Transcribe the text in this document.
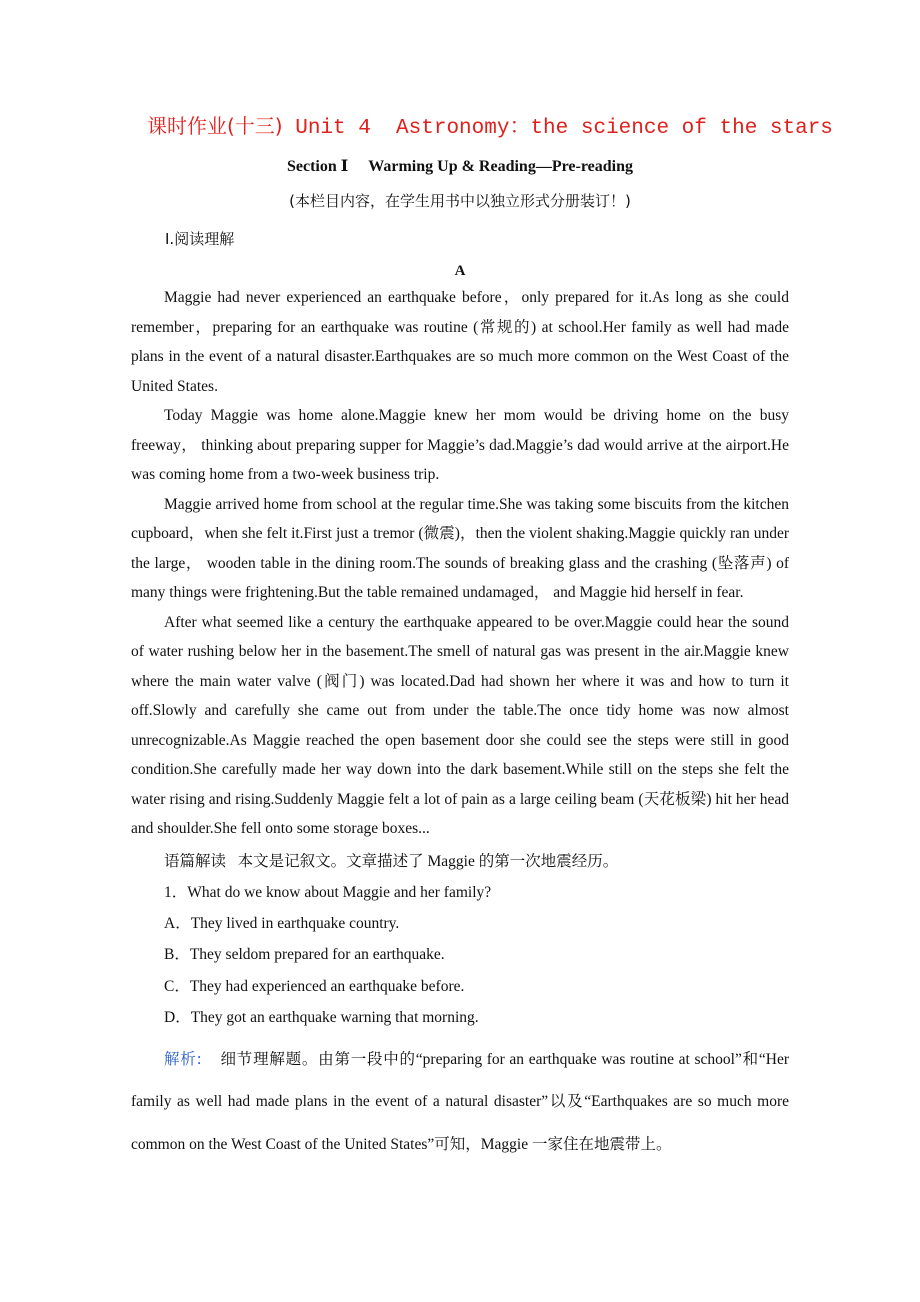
课时作业(十三) Unit 4  Astronomy：the science of the stars
Section Ⅰ Warming Up & Reading—Pre-reading
(本栏目内容，在学生用书中以独立形式分册装订！)
Ⅰ.阅读理解
A

Maggie had never experienced an earthquake before，only prepared for it.As long as she could remember，preparing for an earthquake was routine (常规的) at school.Her family as well had made plans in the event of a natural disaster.Earthquakes are so much more common on the West Coast of the United States.

Today Maggie was home alone.Maggie knew her mom would be driving home on the busy freeway， thinking about preparing supper for Maggie’s dad.Maggie’s dad would arrive at the airport.He was coming home from a two-week business trip.

Maggie arrived home from school at the regular time.She was taking some biscuits from the kitchen cupboard，when she felt it.First just a tremor (微震)，then the violent shaking.Maggie quickly ran under the large， wooden table in the dining room.The sounds of breaking glass and the crashing (坠落声) of many things were frightening.But the table remained undamaged， and Maggie hid herself in fear.

After what seemed like a century the earthquake appeared to be over.Maggie could hear the sound of water rushing below her in the basement.The smell of natural gas was present in the air.Maggie knew where the main water valve (阀门) was located.Dad had shown her where it was and how to turn it off.Slowly and carefully she came out from under the table.The once tidy home was now almost unrecognizable.As Maggie reached the open basement door she could see the steps were still in good condition.She carefully made her way down into the dark basement.While still on the steps she felt the water rising and rising.Suddenly Maggie felt a lot of pain as a large ceiling beam (天花板梁) hit her head and shoulder.She fell onto some storage boxes...

语篇解读 本文是记叙文。文章描述了 Maggie 的第一次地震经历。
1．What do we know about Maggie and her family?
A．They lived in earthquake country.
B．They seldom prepared for an earthquake.
C．They had experienced an earthquake before.
D．They got an earthquake warning that morning.
解析: 细节理解题。由第一段中的“preparing for an earthquake was routine at school”和“Her family as well had made plans in the event of a natural disaster”以及“Earthquakes are so much more common on the West Coast of the United States”可知，Maggie 一家住在地震带上。
